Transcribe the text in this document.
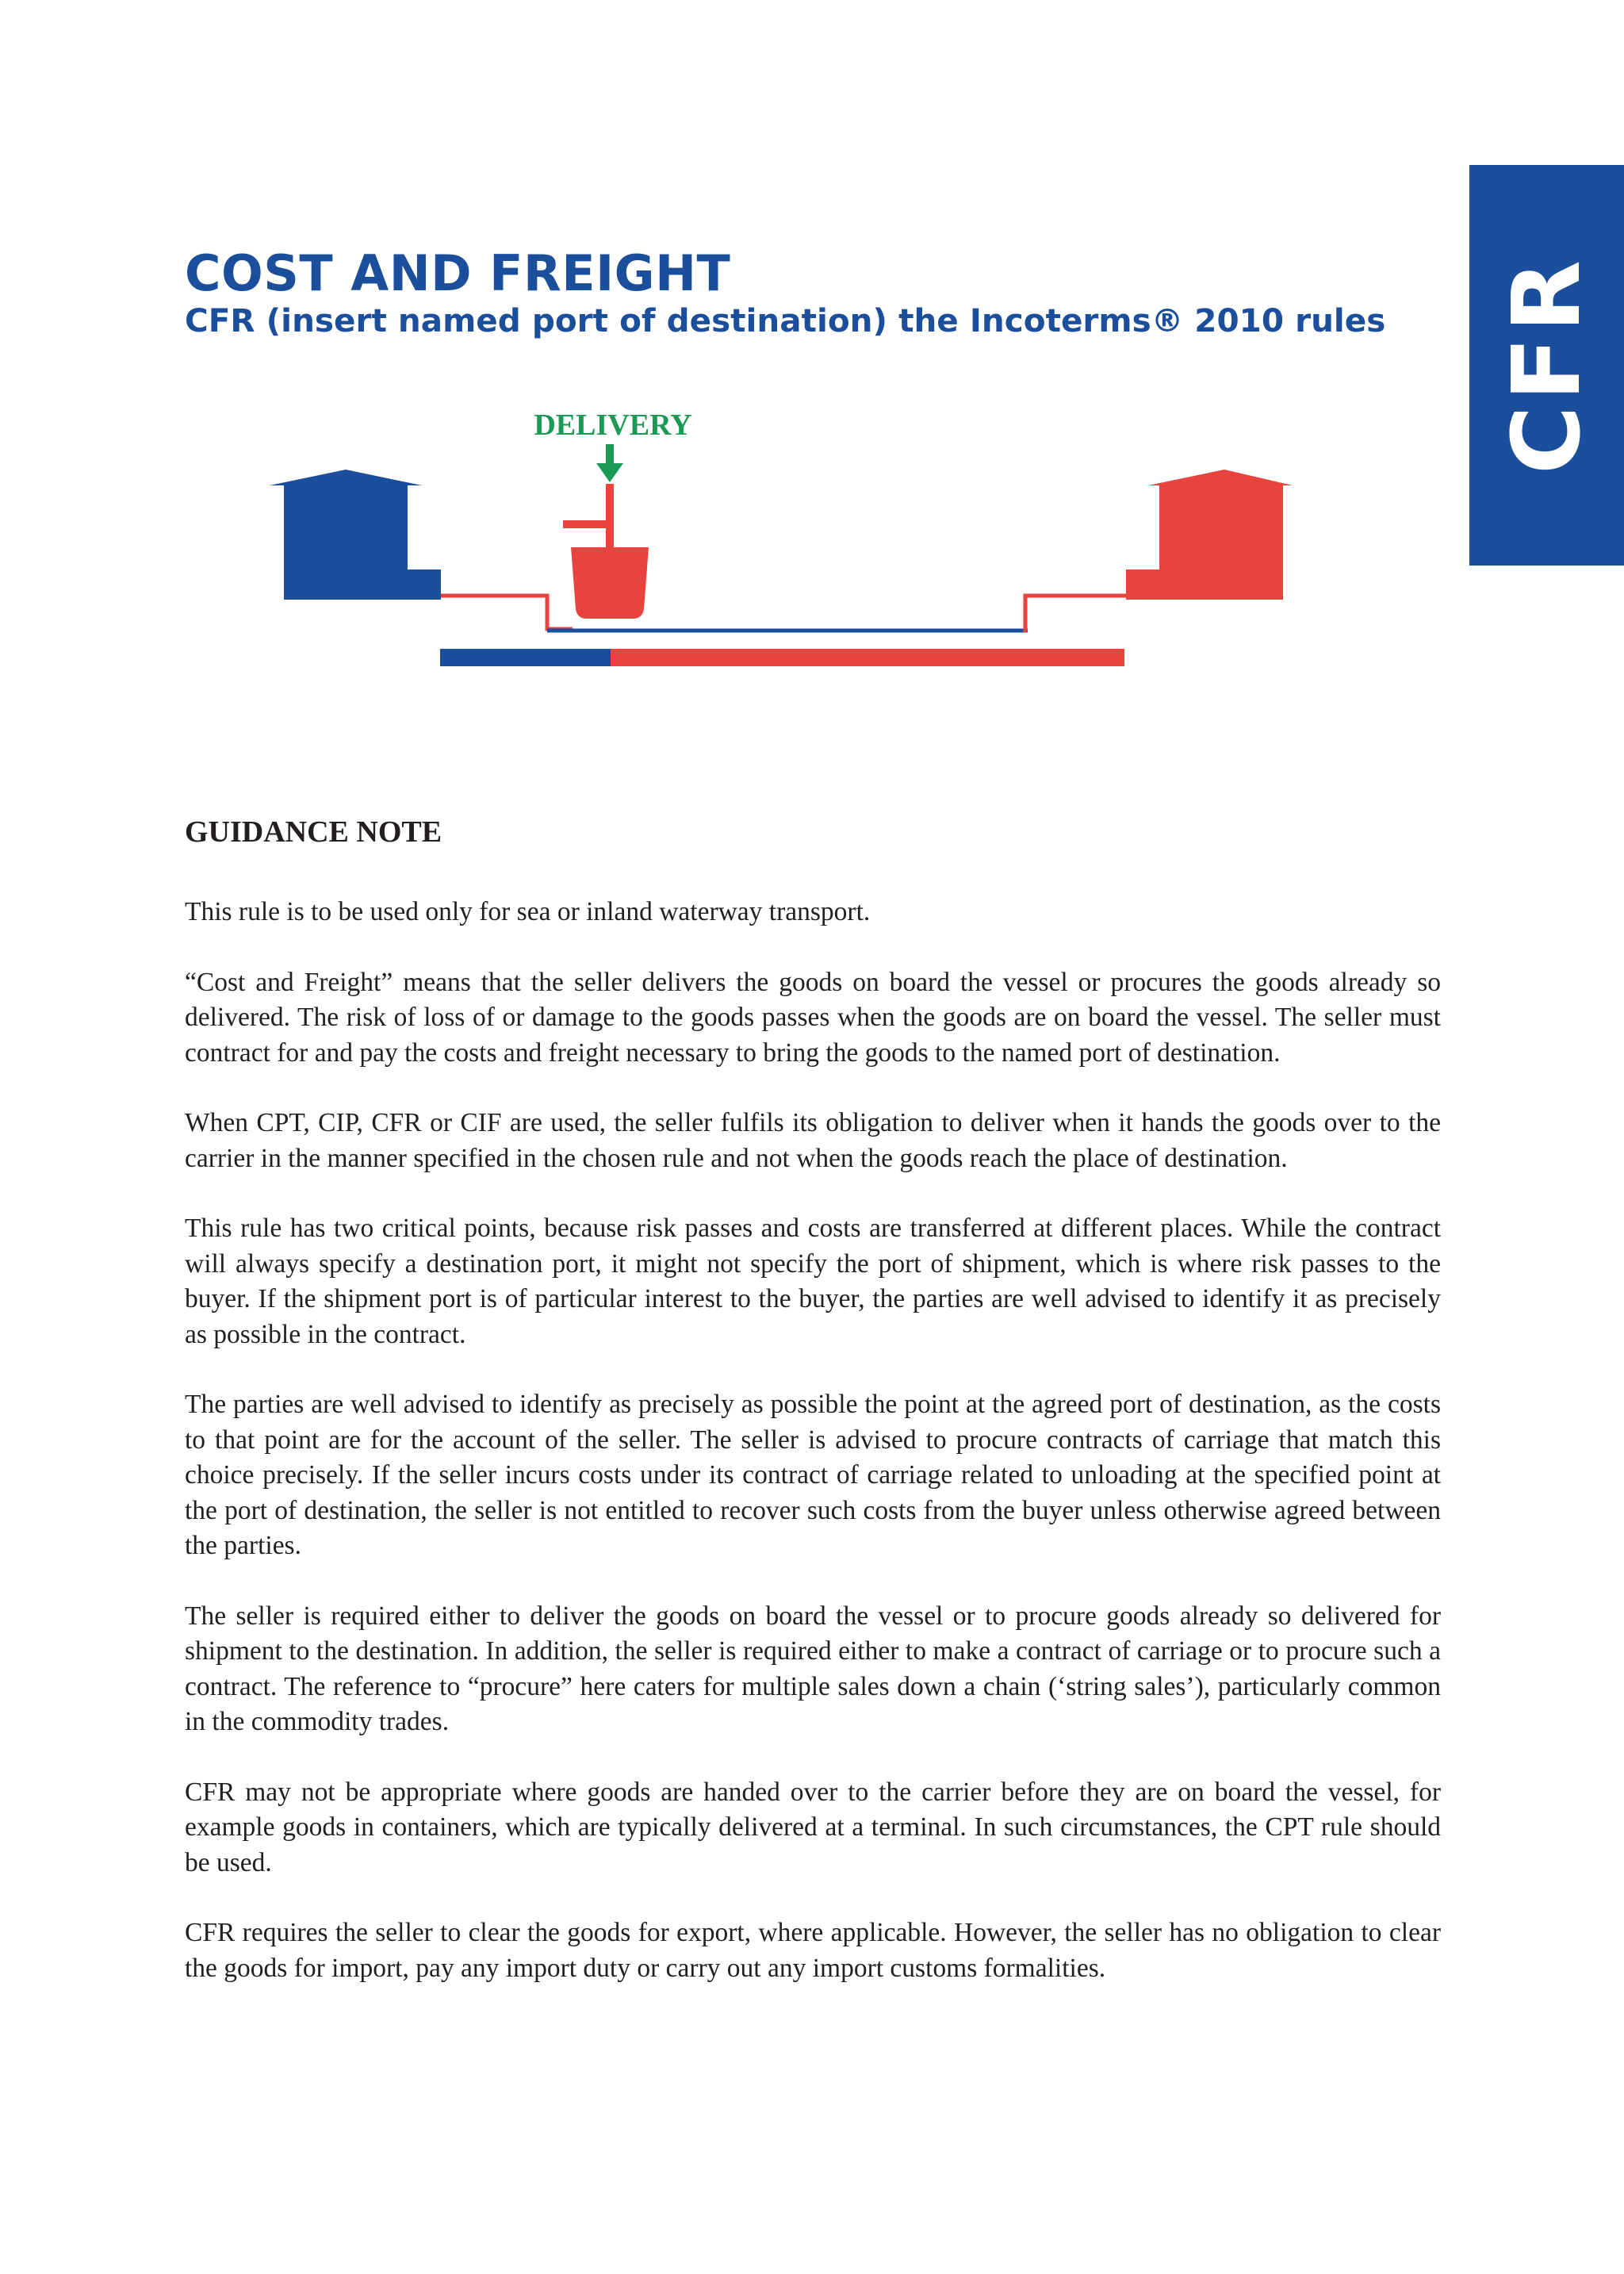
CFR
COST AND FREIGHT
CFR (insert named port of destination) the Incoterms® 2010 rules
DELIVERY
GUIDANCE NOTE

This rule is to be used only for sea or inland waterway transport.

“Cost and Freight” means that the seller delivers the goods on board the vessel or procures the goods already so delivered. The risk of loss of or damage to the goods passes when the goods are on board the vessel. The seller must contract for and pay the costs and freight necessary to bring the goods to the named port of destination.

When CPT, CIP, CFR or CIF are used, the seller fulfils its obligation to deliver when it hands the goods over to the carrier in the manner specified in the chosen rule and not when the goods reach the place of destination.

This rule has two critical points, because risk passes and costs are transferred at different places. While the contract will always specify a destination port, it might not specify the port of shipment, which is where risk passes to the buyer. If the shipment port is of particular interest to the buyer, the parties are well advised to identify it as precisely as possible in the contract.

The parties are well advised to identify as precisely as possible the point at the agreed port of destination, as the costs to that point are for the account of the seller. The seller is advised to procure contracts of carriage that match this choice precisely. If the seller incurs costs under its contract of carriage related to unloading at the specified point at the port of destination, the seller is not entitled to recover such costs from the buyer unless otherwise agreed between the parties.

The seller is required either to deliver the goods on board the vessel or to procure goods already so delivered for shipment to the destination. In addition, the seller is required either to make a contract of carriage or to procure such a contract. The reference to “procure” here caters for multiple sales down a chain (‘string sales’), particularly common in the commodity trades.

CFR may not be appropriate where goods are handed over to the carrier before they are on board the vessel, for example goods in containers, which are typically delivered at a terminal. In such circumstances, the CPT rule should be used.

CFR requires the seller to clear the goods for export, where applicable. However, the seller has no obligation to clear the goods for import, pay any import duty or carry out any import customs formalities.
